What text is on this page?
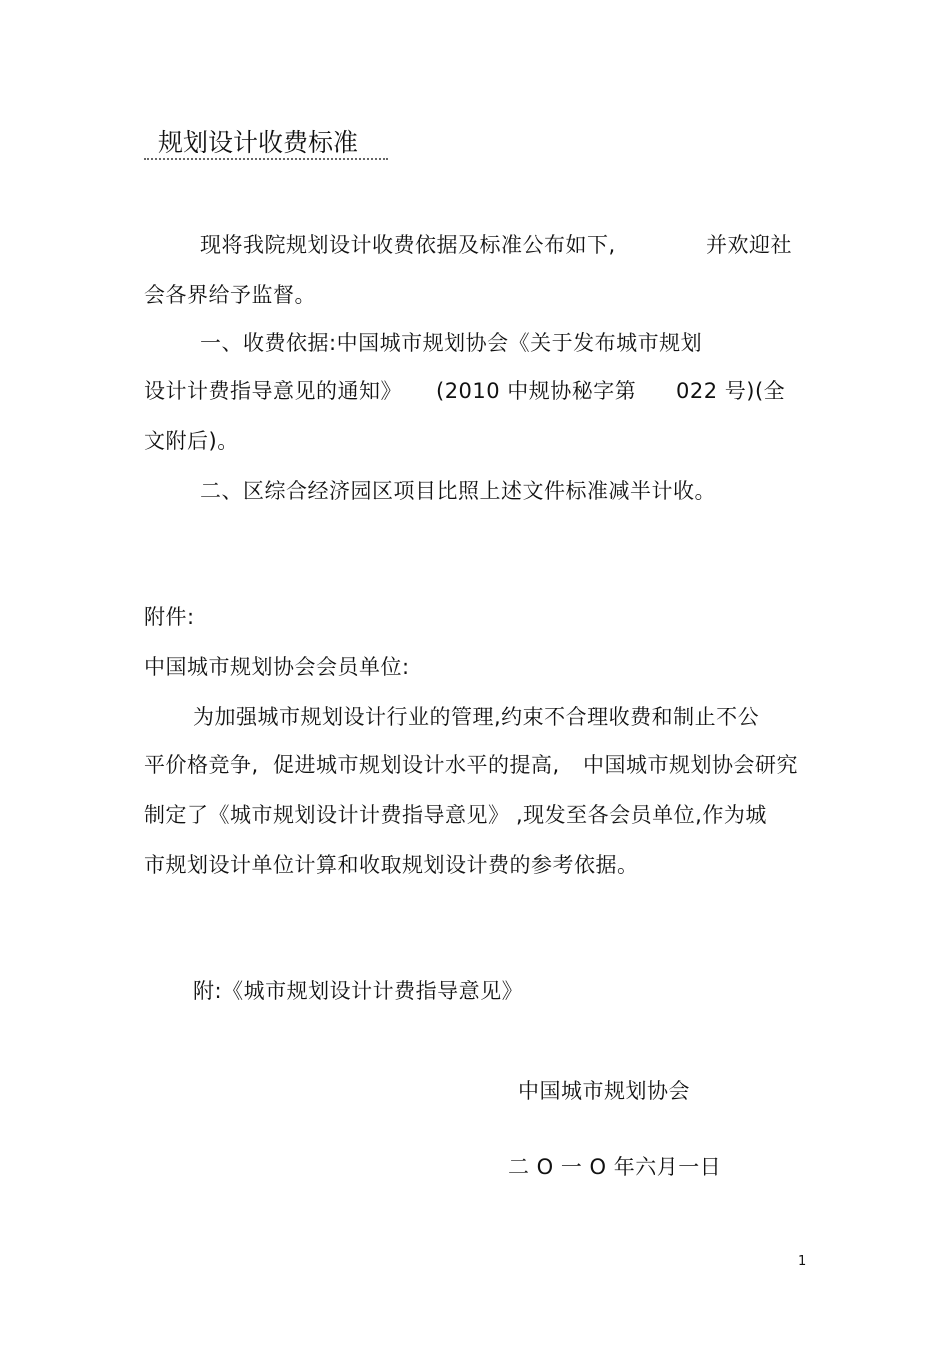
规划设计收费标准
现将我院规划设计收费依据及标准公布如下,	并欢迎社
会各界给予监督。
一、收费依据:中国城市规划协会《关于发布城市规划
设计计费指导意见的通知》 (2010 中规协秘字第 022 号)(全
文附后)。
二、区综合经济园区项目比照上述文件标准减半计收。
附件:
中国城市规划协会会员单位:
为加强城市规划设计行业的管理,约束不合理收费和制止不公
平价格竞争, 促进城市规划设计水平的提高, 中国城市规划协会研究
制定了《城市规划设计计费指导意见》 ,现发至各会员单位,作为城
市规划设计单位计算和收取规划设计费的参考依据。
附:《城市规划设计计费指导意见》
中国城市规划协会
二 O 一 O 年六月一日
1
